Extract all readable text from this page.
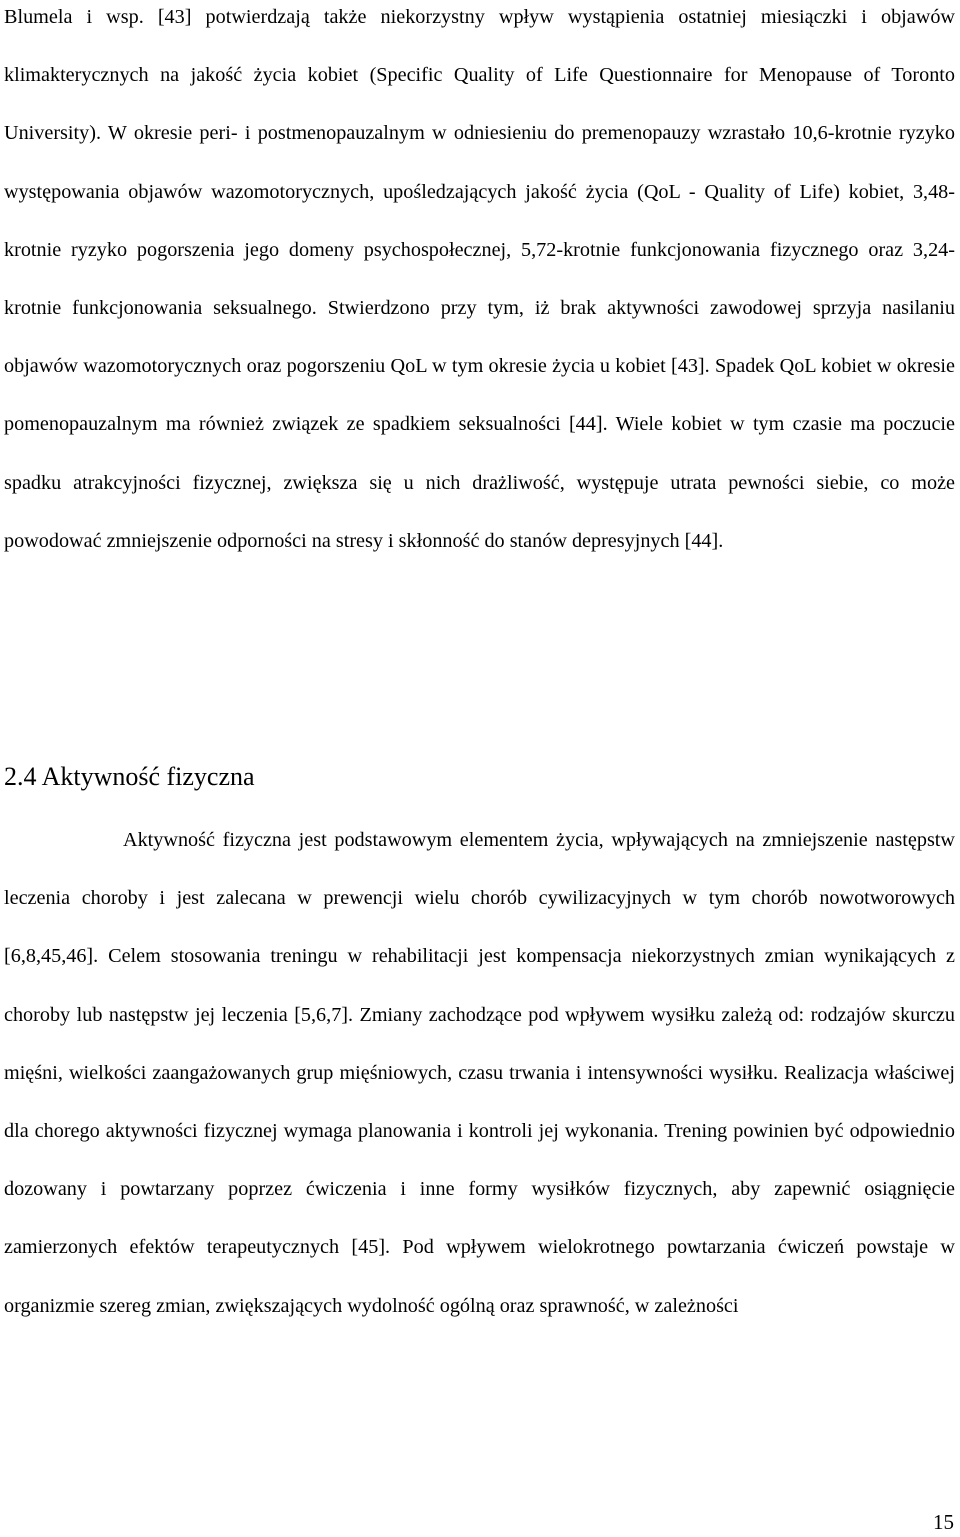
Blumela i wsp. [43] potwierdzają także niekorzystny wpływ wystąpienia ostatniej miesiączki i objawów klimakterycznych na jakość życia kobiet (Specific Quality of Life Questionnaire for Menopause of Toronto University). W okresie peri- i postmenopauzalnym w odniesieniu do premenopauzy wzrastało 10,6-krotnie ryzyko występowania objawów wazomotorycznych, upośledzających jakość życia (QoL - Quality of Life) kobiet, 3,48-krotnie ryzyko pogorszenia jego domeny psychospołecznej, 5,72-krotnie funkcjonowania fizycznego oraz 3,24-krotnie funkcjonowania seksualnego. Stwierdzono przy tym, iż brak aktywności zawodowej sprzyja nasilaniu objawów wazomotorycznych oraz pogorszeniu QoL w tym okresie życia u kobiet [43]. Spadek QoL kobiet w okresie pomenopauzalnym ma również związek ze spadkiem seksualności [44]. Wiele kobiet w tym czasie ma poczucie spadku atrakcyjności fizycznej, zwiększa się u nich drażliwość, występuje utrata pewności siebie, co może powodować zmniejszenie odporności na stresy i skłonność do stanów depresyjnych [44].

2.4 Aktywność fizyczna

Aktywność fizyczna jest podstawowym elementem życia, wpływających na zmniejszenie następstw leczenia choroby i jest zalecana w prewencji wielu chorób cywilizacyjnych w tym chorób nowotworowych [6,8,45,46]. Celem stosowania treningu w rehabilitacji jest kompensacja niekorzystnych zmian wynikających z choroby lub następstw jej leczenia [5,6,7]. Zmiany zachodzące pod wpływem wysiłku zależą od: rodzajów skurczu mięśni, wielkości zaangażowanych grup mięśniowych, czasu trwania i intensywności wysiłku. Realizacja właściwej dla chorego aktywności fizycznej wymaga planowania i kontroli jej wykonania. Trening powinien być odpowiednio dozowany i powtarzany poprzez ćwiczenia i inne formy wysiłków fizycznych, aby zapewnić osiągnięcie zamierzonych efektów terapeutycznych [45]. Pod wpływem wielokrotnego powtarzania ćwiczeń powstaje w organizmie szereg zmian, zwiększających wydolność ogólną oraz sprawność, w zależności

15
